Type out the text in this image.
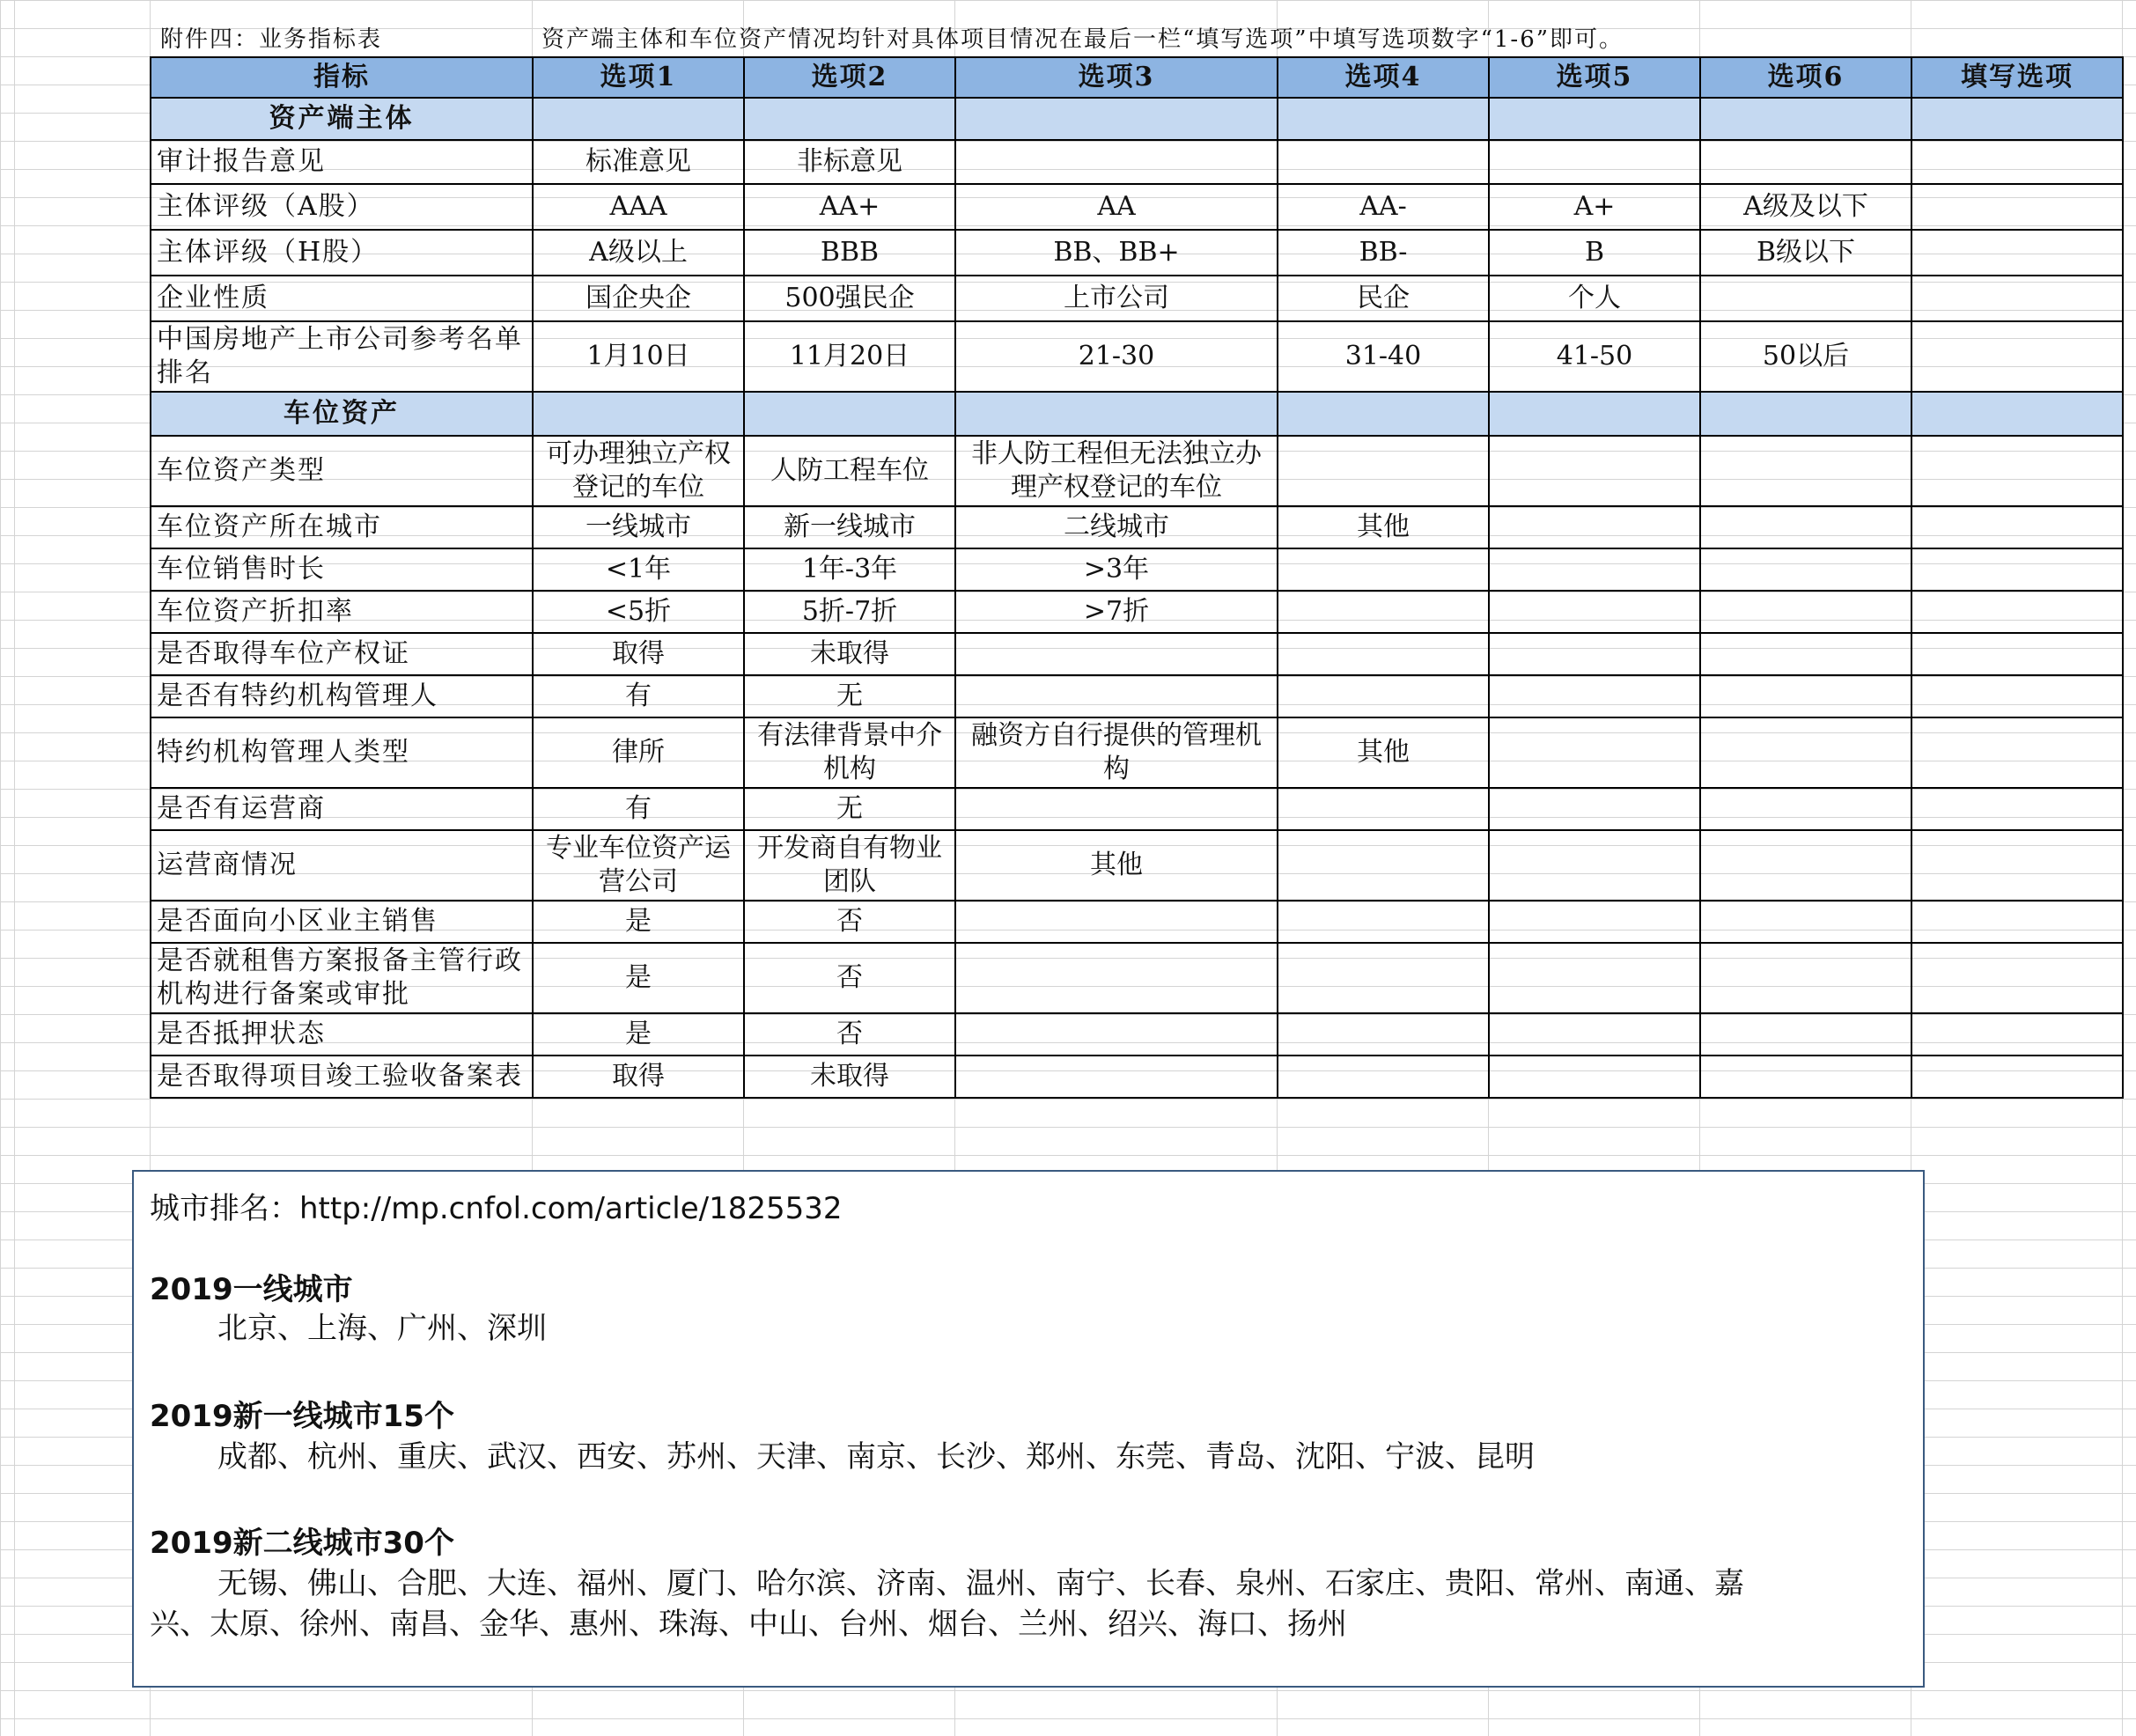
附件四：业务指标表	资产端主体和车位资产情况均针对具体项目情况在最后一栏“填写选项”中填写选项数字“1-6”即可。
指标	选项1	选项2	选项3	选项4	选项5	选项6	填写选项
资产端主体							
审计报告意见	标准意见	非标意见					
主体评级（A股）	AAA	AA+	AA	AA-	A+	A级及以下	
主体评级（H股）	A级以上	BBB	BB、BB+	BB-	B	B级以下	
企业性质	国企央企	500强民企	上市公司	民企	个人		
中国房地产上市公司参考名单排名	1月10日	11月20日	21-30	31-40	41-50	50以后	
车位资产							
车位资产类型	可办理独立产权登记的车位	人防工程车位	非人防工程但无法独立办理产权登记的车位				
车位资产所在城市	一线城市	新一线城市	二线城市	其他			
车位销售时长	<1年	1年-3年	>3年				
车位资产折扣率	<5折	5折-7折	>7折				
是否取得车位产权证	取得	未取得					
是否有特约机构管理人	有	无					
特约机构管理人类型	律所	有法律背景中介机构	融资方自行提供的管理机构	其他			
是否有运营商	有	无					
运营商情况	专业车位资产运营公司	开发商自有物业团队	其他				
是否面向小区业主销售	是	否					
是否就租售方案报备主管行政机构进行备案或审批	是	否					
是否抵押状态	是	否					
是否取得项目竣工验收备案表	取得	未取得					
城市排名：http://mp.cnfol.com/article/1825532
2019一线城市
北京、上海、广州、深圳
2019新一线城市15个
成都、杭州、重庆、武汉、西安、苏州、天津、南京、长沙、郑州、东莞、青岛、沈阳、宁波、昆明
2019新二线城市30个
无锡、佛山、合肥、大连、福州、厦门、哈尔滨、济南、温州、南宁、长春、泉州、石家庄、贵阳、常州、南通、嘉
兴、太原、徐州、南昌、金华、惠州、珠海、中山、台州、烟台、兰州、绍兴、海口、扬州
